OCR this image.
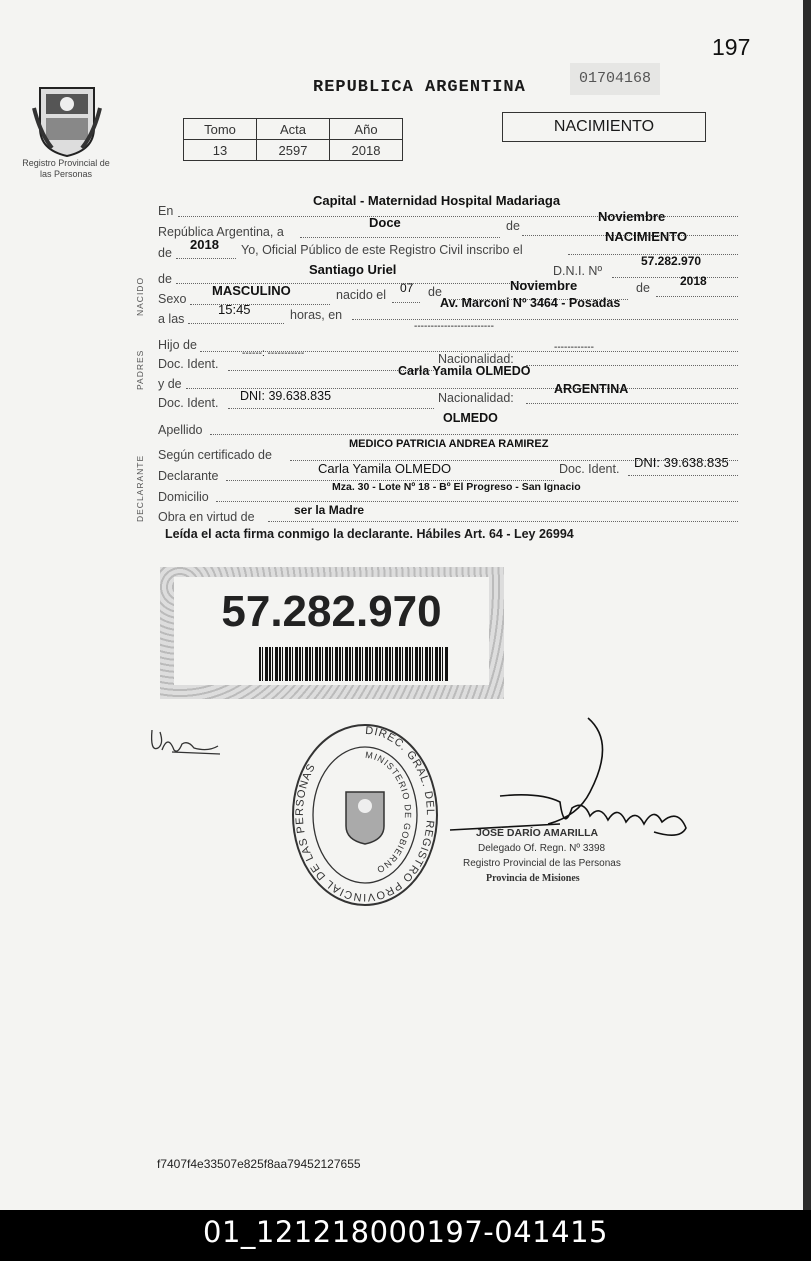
197
Registro Provincial de las Personas
REPUBLICA ARGENTINA	01704168
Tomo	Acta	Año
13	2597	2018
NACIMIENTO
NACIDO
PADRES
DECLARANTE
En
Capital - Maternidad Hospital Madariaga
República Argentina, a
Doce	de
Noviembre
de
2018 Yo, Oficial Público de este Registro Civil inscribo el
NACIMIENTO
de
Santiago Uriel	D.N.I. Nº
57.282.970
Sexo
MASCULINO	nacido el 07 de	Noviembre	de	2018
a las
15:45	horas, en
Av. Marconi Nº 3464 - Posadas
Hijo de
------------------------
Doc. Ident.
------: -----------	Nacionalidad:
------------
y de
Carla Yamila OLMEDO
Doc. Ident. DNI: 39.638.835	Nacionalidad:
ARGENTINA
Apellido
OLMEDO
Según certificado de
MEDICO PATRICIA ANDREA RAMIREZ
Declarante	Carla Yamila OLMEDO	Doc. Ident. DNI: 39.638.835
Domicilio
Mza. 30 - Lote Nº 18 - Bº El Progreso - San Ignacio
Obra en virtud de	ser la Madre
Leída el acta firma conmigo la declarante. Hábiles Art. 64 - Ley 26994
57.282.970
DIREC. GRAL. DEL REGISTRO PROVINCIAL DE LAS PERSONAS
MINISTERIO DE GOBIERNO
JOSÉ DARÍO AMARILLA
Delegado Of. Regn. Nº 3398
Registro Provincial de las Personas
Provincia de Misiones
f7407f4e33507e825f8aa79452127655
01_121218000197-041415
